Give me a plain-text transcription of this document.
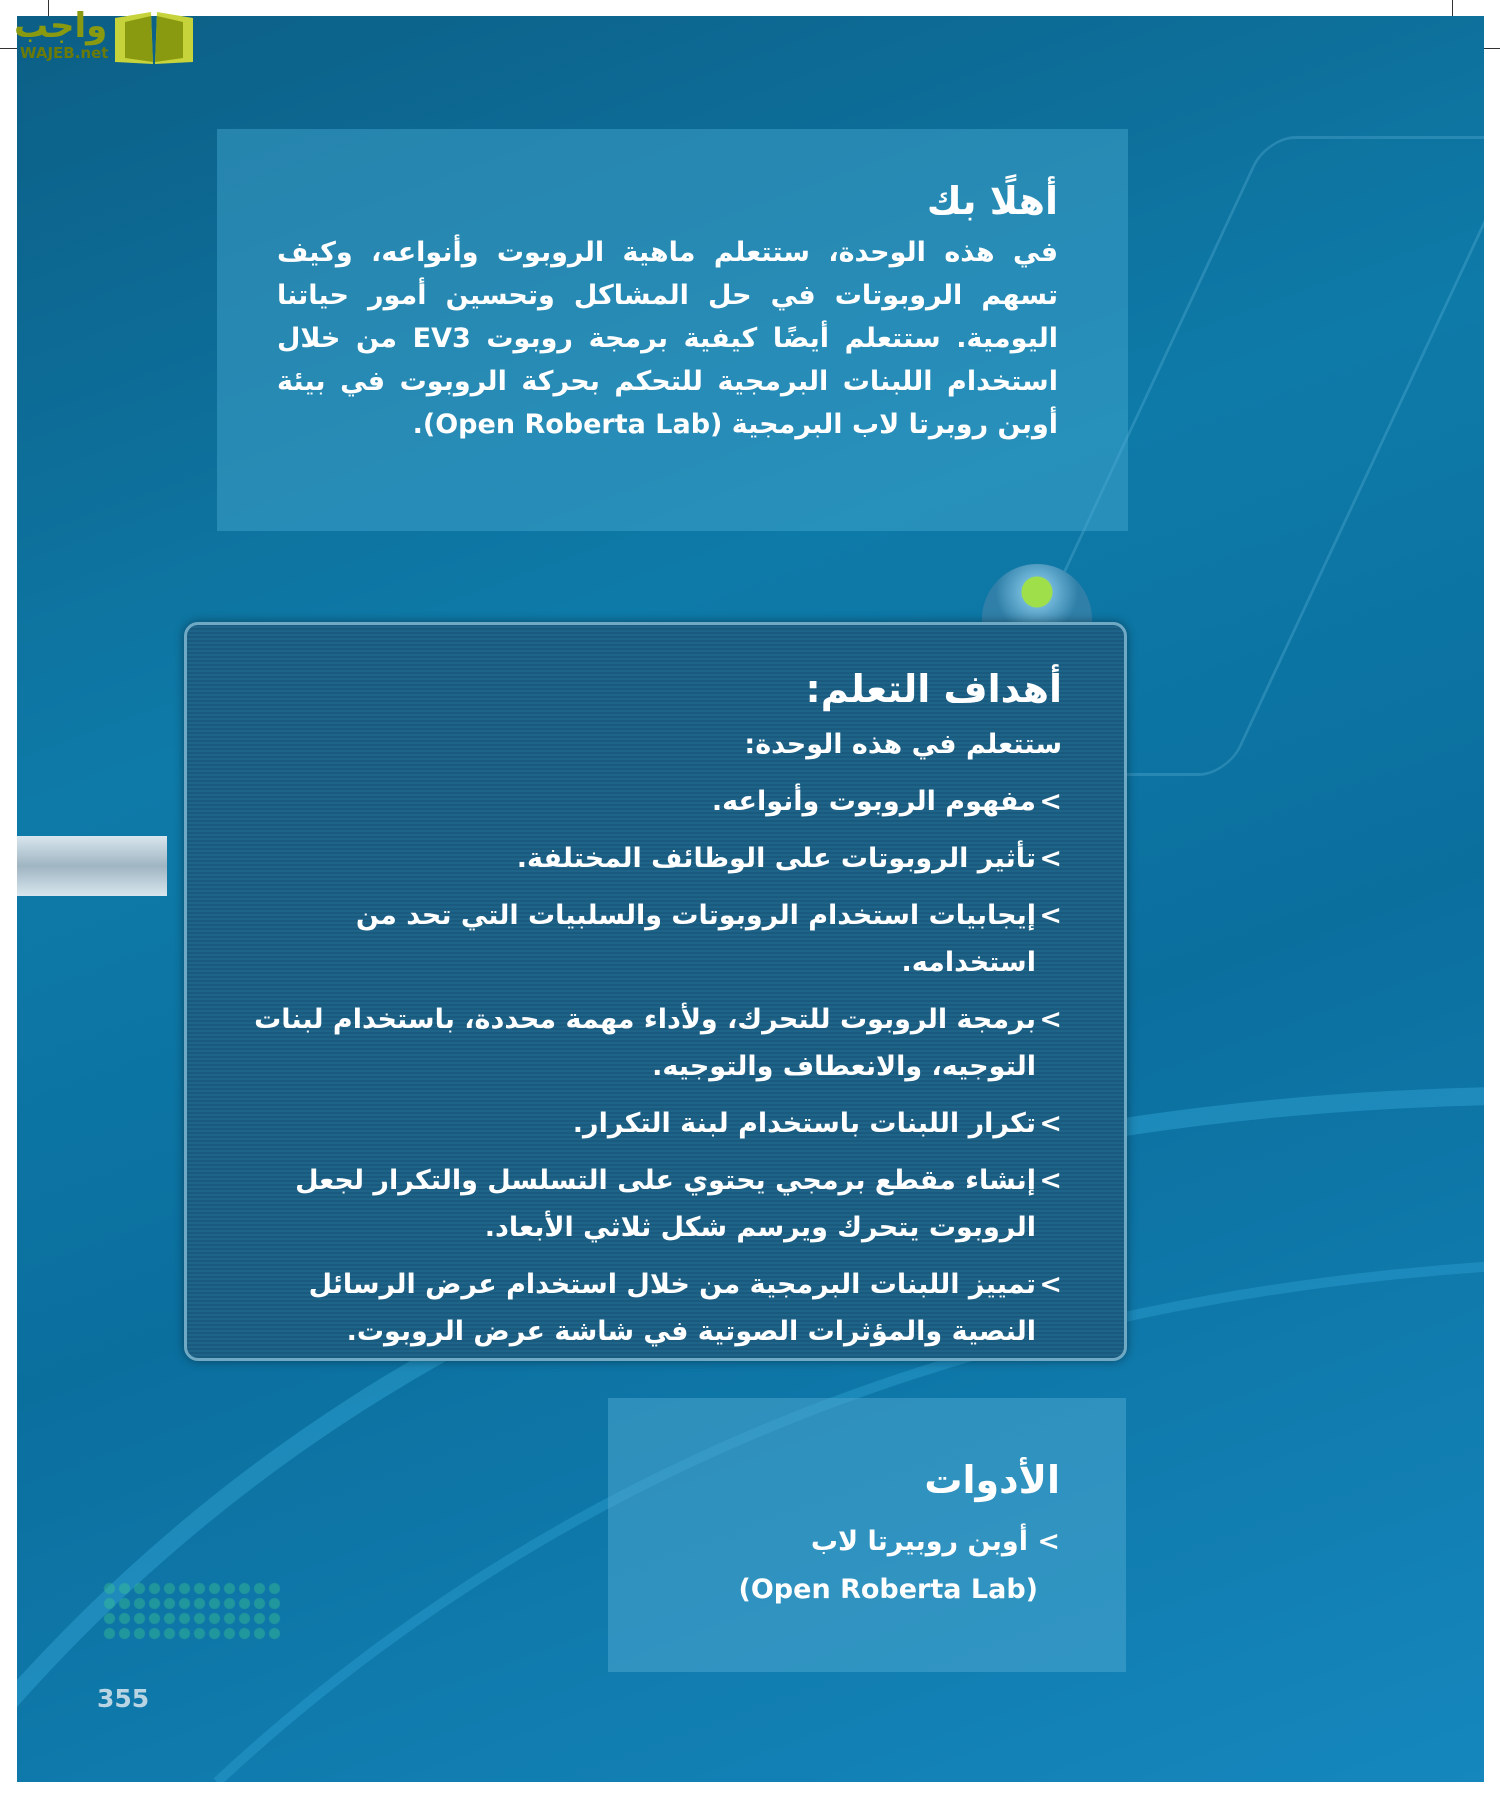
أهلًا بك

في هذه الوحدة، ستتعلم ماهية الروبوت وأنواعه، وكيف تسهم الروبوتات في حل المشاكل وتحسين أمور حياتنا اليومية. ستتعلم أيضًا كيفية برمجة روبوت EV3 من خلال استخدام اللبنات البرمجية للتحكم بحركة الروبوت في بيئة أوبن روبرتا لاب البرمجية (Open Roberta Lab).

أهداف التعلم:
ستتعلم في هذه الوحدة:
>
مفهوم الروبوت وأنواعه.
>
تأثير الروبوتات على الوظائف المختلفة.
>
إيجابيات استخدام الروبوتات والسلبيات التي تحد من استخدامه.
>
برمجة الروبوت للتحرك، ولأداء مهمة محددة، باستخدام لبنات التوجيه، والانعطاف والتوجيه.
>
تكرار اللبنات باستخدام لبنة التكرار.
>
إنشاء مقطع برمجي يحتوي على التسلسل والتكرار لجعل الروبوت يتحرك ويرسم شكل ثلاثي الأبعاد.
>
تمييز اللبنات البرمجية من خلال استخدام عرض الرسائل النصية والمؤثرات الصوتية في شاشة عرض الروبوت.
الأدوات

> أوبن روبيرتا لاب

(Open Roberta Lab)

355
واجب
WAJEB.net
